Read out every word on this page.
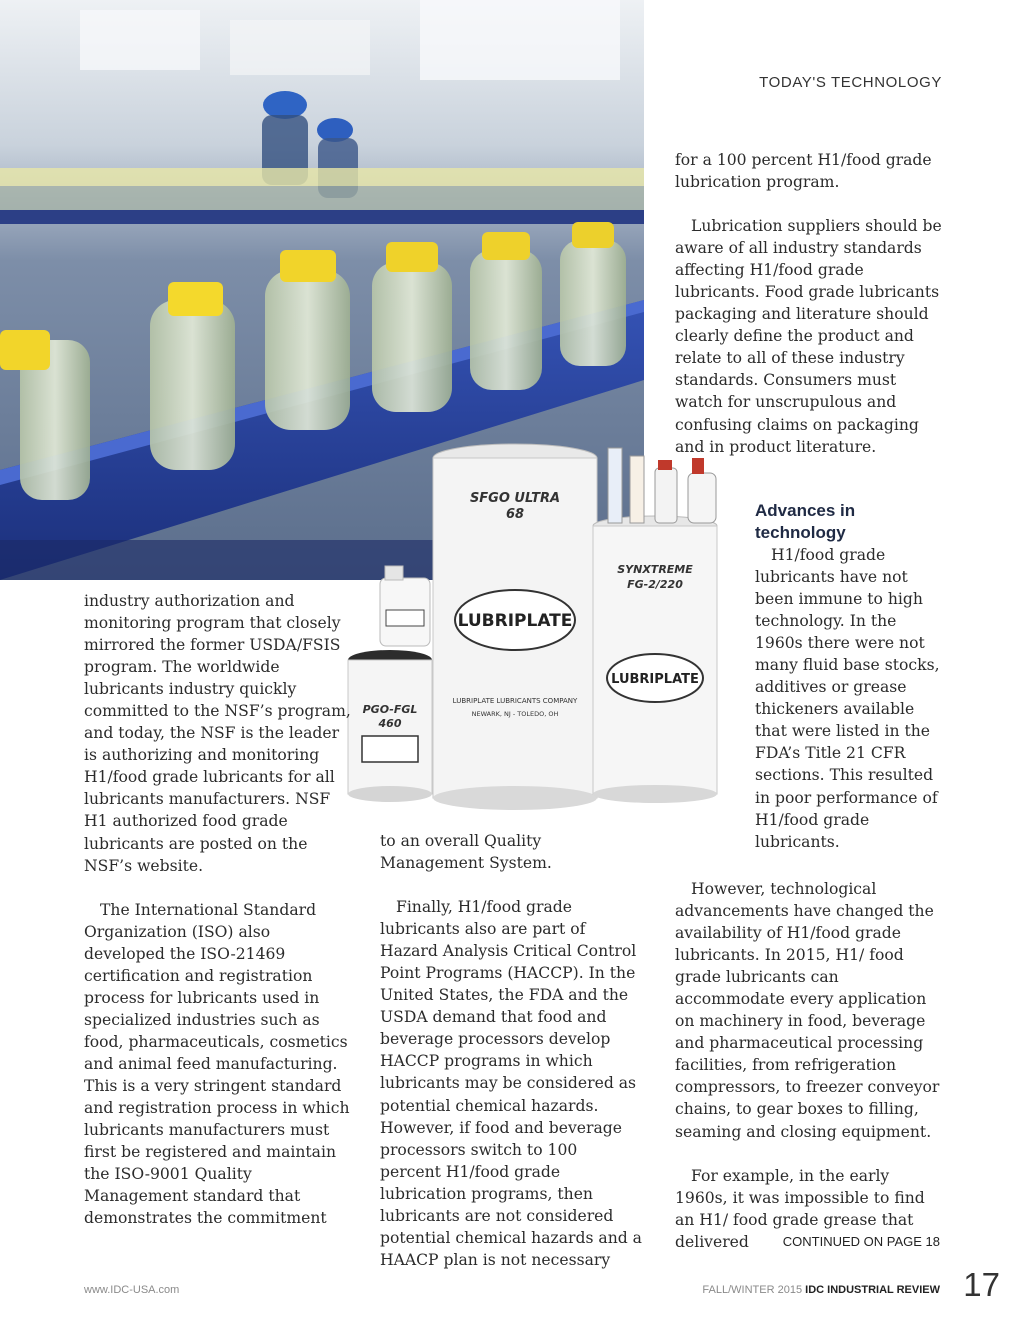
SFGO ULTRA
68
LUBRIPLATE
LUBRIPLATE LUBRICANTS COMPANY
NEWARK, NJ - TOLEDO, OH
SYNXTREME
FG-2/220
LUBRIPLATE
PGO-FGL
460
TODAY'S TECHNOLOGY

industry authorization and monitoring program that closely mirrored the former USDA/FSIS program. The worldwide lubricants industry quickly committed to the NSF’s program, and today, the NSF is the leader is authorizing and monitoring H1/food grade lubricants for all lubricants manufacturers. NSF H1 authorized food grade lubricants are posted on the NSF’s website.

The International Standard Organization (ISO) also developed the ISO-21469 certification and registration process for lubricants used in specialized industries such as food, pharmaceuticals, cosmetics and animal feed manufacturing. This is a very stringent standard and registration process in which lubricants manufacturers must first be registered and maintain the ISO-9001 Quality Management standard that demonstrates the commitment

to an overall Quality Management System.

Finally, H1/food grade lubricants also are part of Hazard Analysis Critical Control Point Programs (HACCP). In the United States, the FDA and the USDA demand that food and beverage processors develop HACCP programs in which lubricants may be considered as potential chemical hazards. However, if food and beverage processors switch to 100 percent H1/food grade lubrication programs, then lubricants are not considered potential chemical hazards and a HAACP plan is not necessary

for a 100 percent H1/food grade lubrication program.

Lubrication suppliers should be aware of all industry standards affecting H1/food grade lubricants. Food grade lubricants packaging and literature should clearly define the product and relate to all of these industry standards. Consumers must watch for unscrupulous and confusing claims on packaging and in product literature.

Advances in technology

H1/food grade lubricants have not been immune to high technology. In the 1960s there were not many fluid base stocks, additives or grease thickeners available that were listed in the FDA’s Title 21 CFR sections. This resulted in poor performance of H1/food grade lubricants.

However, technological advancements have changed the availability of H1/food grade lubricants. In 2015, H1/ food grade lubricants can accommodate every application on machinery in food, beverage and pharmaceutical processing facilities, from refrigeration compressors, to freezer conveyor chains, to gear boxes to filling, seaming and closing equipment.

For example, in the early 1960s, it was impossible to find an H1/ food grade grease that delivered	CONTINUED ON PAGE 18
www.IDC-USA.com	FALL/WINTER 2015 IDC INDUSTRIAL REVIEW 17
